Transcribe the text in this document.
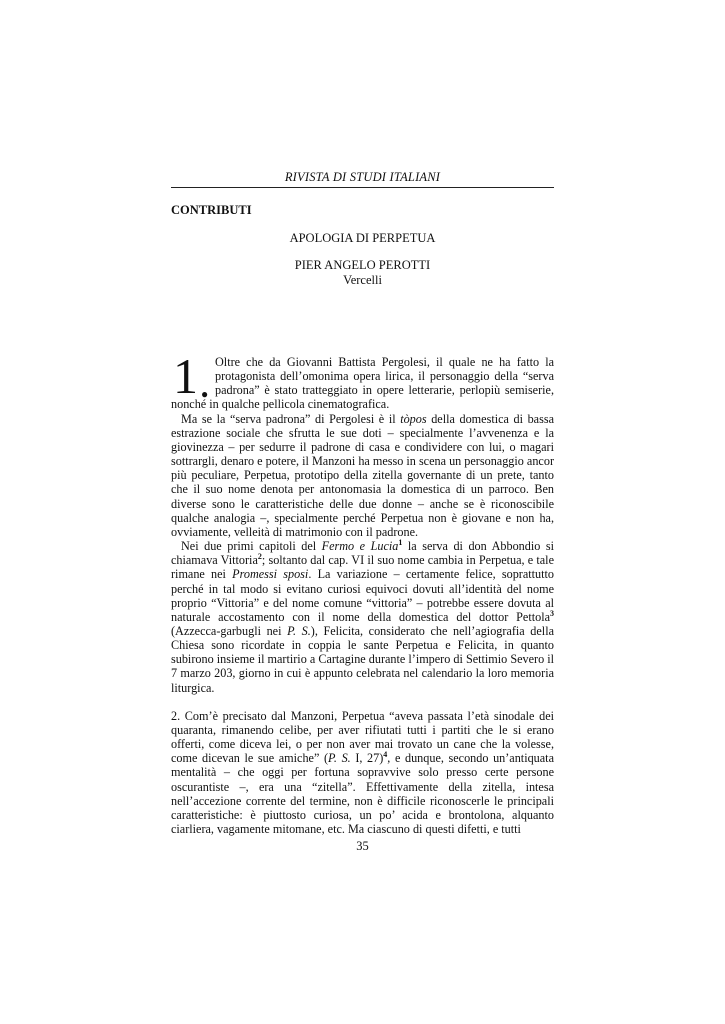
RIVISTA DI STUDI ITALIANI
CONTRIBUTI
APOLOGIA DI PERPETUA
PIER ANGELO PEROTTI
Vercelli

1 ●
Oltre che da Giovanni Battista Pergolesi, il quale ne ha fatto la protagonista dell’omonima opera lirica, il personaggio della “serva padrona” è stato tratteggiato in opere letterarie, perlopiù semiserie, nonché in qualche pellicola cinematografica.

Ma se la “serva padrona” di Pergolesi è il tòpos della domestica di bassa estrazione sociale che sfrutta le sue doti – specialmente l’avvenenza e la giovinezza – per sedurre il padrone di casa e condividere con lui, o magari sottrargli, denaro e potere, il Manzoni ha messo in scena un personaggio ancor più peculiare, Perpetua, prototipo della zitella governante di un prete, tanto che il suo nome denota per antonomasia la domestica di un parroco. Ben diverse sono le caratteristiche delle due donne – anche se è riconoscibile qualche analogia –, specialmente perché Perpetua non è giovane e non ha, ovviamente, velleità di matrimonio con il padrone.

Nei due primi capitoli del Fermo e Lucia$^1$ la serva di don Abbondio si chiamava Vittoria$^2$; soltanto dal cap. VI il suo nome cambia in Perpetua, e tale rimane nei Promessi sposi. La variazione – certamente felice, soprattutto perché in tal modo si evitano curiosi equivoci dovuti all’identità del nome proprio “Vittoria” e del nome comune “vittoria” – potrebbe essere dovuta al naturale accostamento con il nome della domestica del dottor Pettola$^3$ (Azzecca-garbugli nei P. S.), Felicita, considerato che nell’agiografia della Chiesa sono ricordate in coppia le sante Perpetua e Felicita, in quanto subirono insieme il martirio a Cartagine durante l’impero di Settimio Severo il 7 marzo 203, giorno in cui è appunto celebrata nel calendario la loro memoria liturgica.

2. Com’è precisato dal Manzoni, Perpetua “aveva passata l’età sinodale dei quaranta, rimanendo celibe, per aver rifiutati tutti i partiti che le si erano offerti, come diceva lei, o per non aver mai trovato un cane che la volesse, come dicevan le sue amiche” (P. S. I, 27)$^4$, e dunque, secondo un’antiquata mentalità – che oggi per fortuna sopravvive solo presso certe persone oscurantiste –, era una “zitella”. Effettivamente della zitella, intesa nell’accezione corrente del termine, non è difficile riconoscerle le principali caratteristiche: è piuttosto curiosa, un po’ acida e brontolona, alquanto ciarliera, vagamente mitomane, etc. Ma ciascuno di questi difetti, e tutti

35
